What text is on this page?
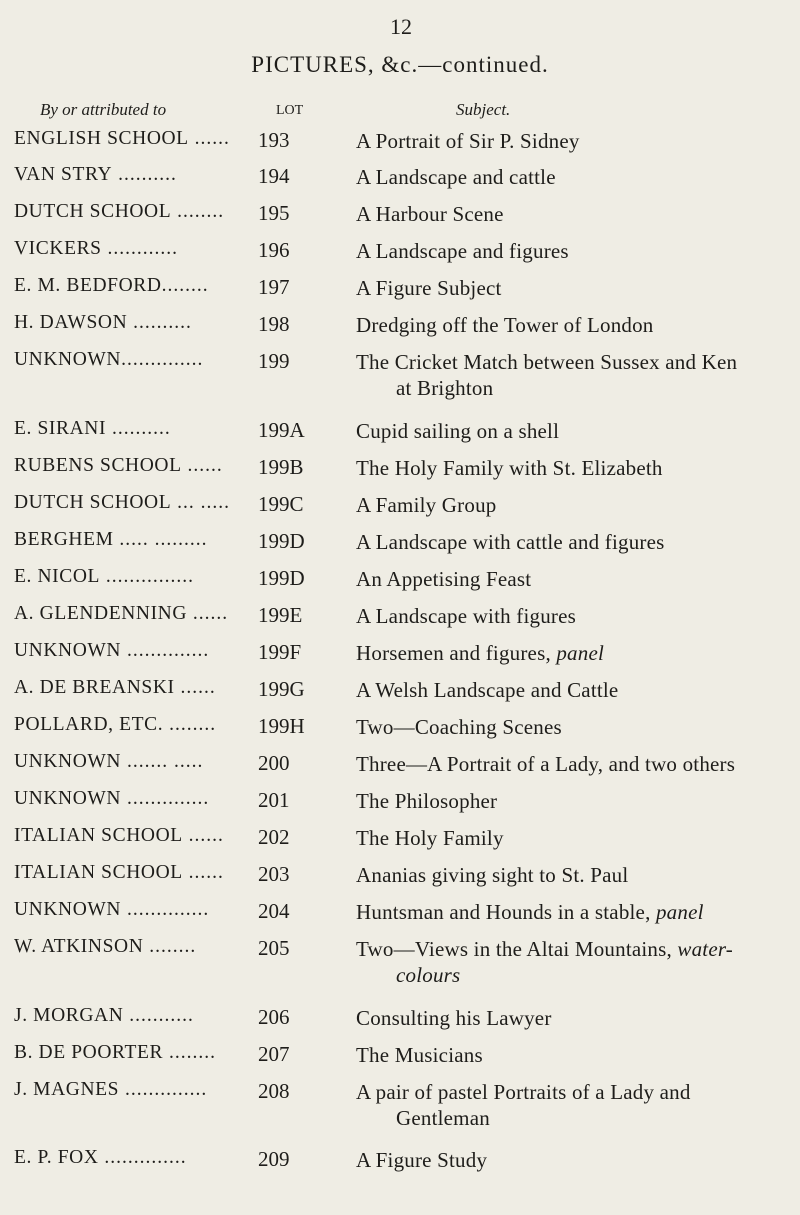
12
PICTURES, &c.—continued.
By or attributed to	LOT	Subject.
ENGLISH SCHOOL ......	193	A Portrait of Sir P. Sidney
VAN STRY ..........	194	A Landscape and cattle
DUTCH SCHOOL ........	195	A Harbour Scene
VICKERS ............	196	A Landscape and figures
E. M. BEDFORD........	197	A Figure Subject
H. DAWSON ..........	198	Dredging off the Tower of London
UNKNOWN..............	199	The Cricket Match between Sussex and Ken
at Brighton
E. SIRANI ..........	199A	Cupid sailing on a shell
RUBENS SCHOOL ......	199B	The Holy Family with St. Elizabeth
DUTCH SCHOOL ... .....	199C	A Family Group
BERGHEM ..... .........	199D	A Landscape with cattle and figures
E. NICOL ...............	199D	An Appetising Feast
A. GLENDENNING ......	199E	A Landscape with figures
UNKNOWN ..............	199F	Horsemen and figures, panel
A. DE BREANSKI ......	199G	A Welsh Landscape and Cattle
POLLARD, ETC. ........	199H	Two—Coaching Scenes
UNKNOWN ....... .....	200	Three—A Portrait of a Lady, and two others
UNKNOWN ..............	201	The Philosopher
ITALIAN SCHOOL ......	202	The Holy Family
ITALIAN SCHOOL ......	203	Ananias giving sight to St. Paul
UNKNOWN ..............	204	Huntsman and Hounds in a stable, panel
W. ATKINSON ........	205	Two—Views in the Altai Mountains, water-
colours
J. MORGAN ...........	206	Consulting his Lawyer
B. DE POORTER ........	207	The Musicians
J. MAGNES ..............	208	A pair of pastel Portraits of a Lady and
Gentleman
E. P. FOX ..............	209	A Figure Study
